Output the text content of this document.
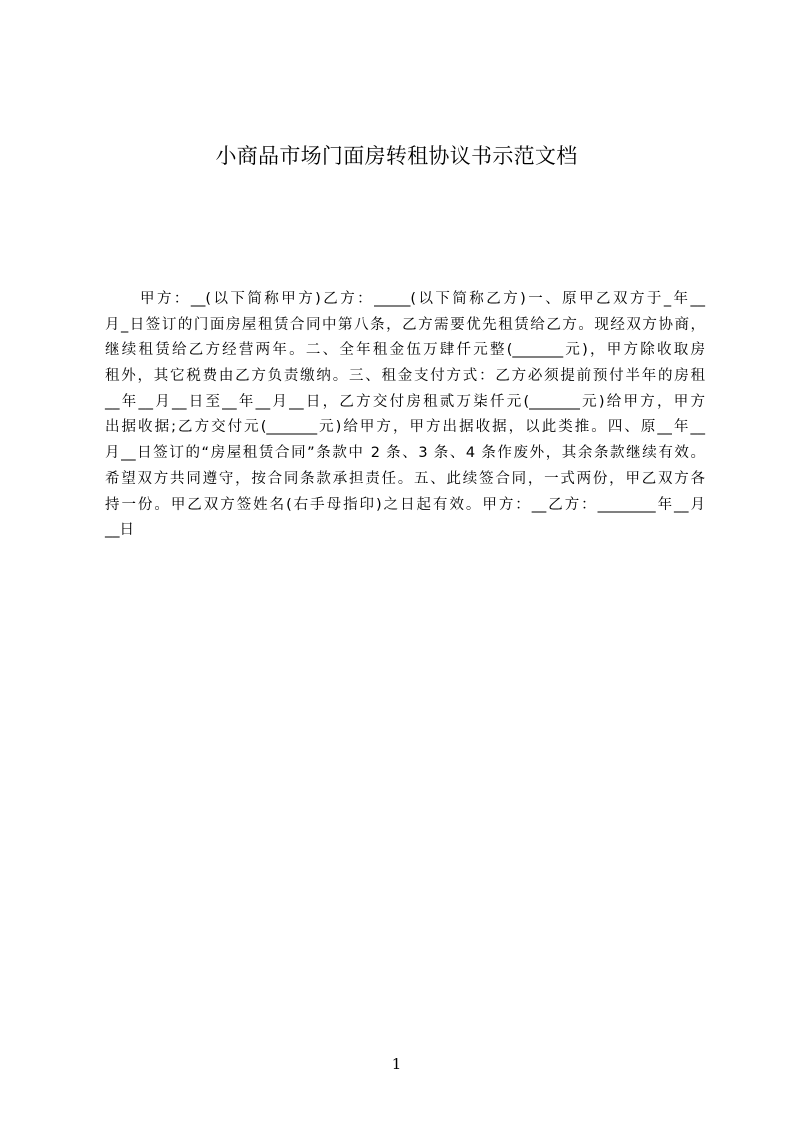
小商品市场门面房转租协议书示范文档
甲方：__(以下简称甲方)乙方：_____(以下简称乙方)一、原甲乙双方于_年__
月_日签订的门面房屋租赁合同中第八条，乙方需要优先租赁给乙方。现经双方协商，
继续租赁给乙方经营两年。二、全年租金伍万肆仟元整(_______元)，甲方除收取房
租外，其它税费由乙方负责缴纳。三、租金支付方式：乙方必须提前预付半年的房租
__年__月__日至__年__月__日，乙方交付房租贰万柒仟元(_______元)给甲方，甲方
出据收据;乙方交付元(_______元)给甲方，甲方出据收据，以此类推。四、原__年__
月__日签订的“房屋租赁合同”条款中 2 条、3 条、4 条作废外，其余条款继续有效。
希望双方共同遵守，按合同条款承担责任。五、此续签合同，一式两份，甲乙双方各
持一份。甲乙双方签姓名(右手母指印)之日起有效。甲方：__乙方：________年__月
__日
1
